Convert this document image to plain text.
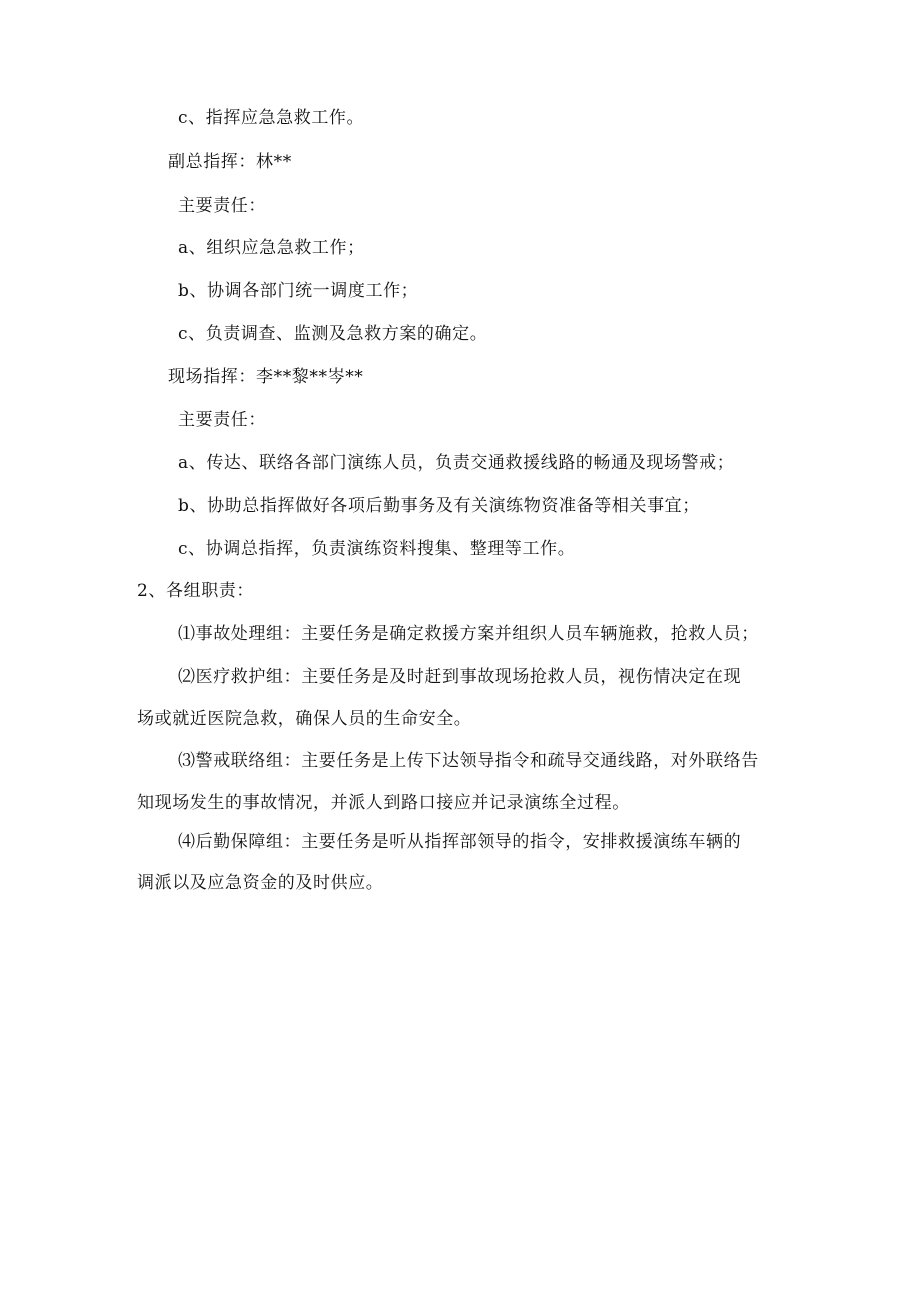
c、指挥应急急救工作。
副总指挥：林**
主要责任：
a、组织应急急救工作；
b、协调各部门统一调度工作；
c、负责调查、监测及急救方案的确定。
现场指挥：李**黎**岑**
主要责任：
a、传达、联络各部门演练人员，负责交通救援线路的畅通及现场警戒；
b、协助总指挥做好各项后勤事务及有关演练物资准备等相关事宜；
c、协调总指挥，负责演练资料搜集、整理等工作。
2、各组职责：
⑴事故处理组：主要任务是确定救援方案并组织人员车辆施救，抢救人员；
⑵医疗救护组：主要任务是及时赶到事故现场抢救人员，视伤情决定在现
场或就近医院急救，确保人员的生命安全。
⑶警戒联络组：主要任务是上传下达领导指令和疏导交通线路，对外联络告
知现场发生的事故情况，并派人到路口接应并记录演练全过程。
⑷后勤保障组：主要任务是听从指挥部领导的指令，安排救援演练车辆的
调派以及应急资金的及时供应。
